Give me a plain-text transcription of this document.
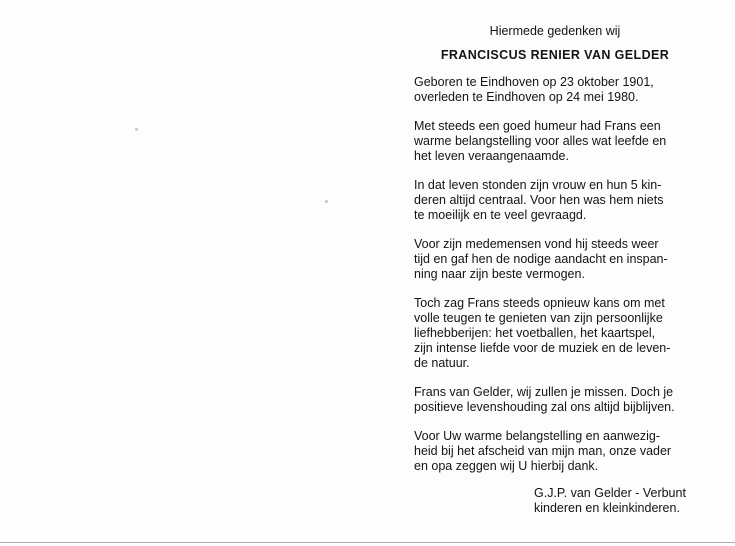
Hiermede gedenken wij
FRANCISCUS RENIER VAN GELDER
Geboren te Eindhoven op 23 oktober 1901,
overleden te Eindhoven op 24 mei 1980.
Met steeds een goed humeur had Frans een
warme belangstelling voor alles wat leefde en
het leven veraangenaamde.
In dat leven stonden zijn vrouw en hun 5 kin-
deren altijd centraal. Voor hen was hem niets
te moeilijk en te veel gevraagd.
Voor zijn medemensen vond hij steeds weer
tijd en gaf hen de nodige aandacht en inspan-
ning naar zijn beste vermogen.
Toch zag Frans steeds opnieuw kans om met
volle teugen te genieten van zijn persoonlijke
liefhebberijen: het voetballen, het kaartspel,
zijn intense liefde voor de muziek en de leven-
de natuur.
Frans van Gelder, wij zullen je missen. Doch je
positieve levenshouding zal ons altijd bijblijven.
Voor Uw warme belangstelling en aanwezig-
heid bij het afscheid van mijn man, onze vader
en opa zeggen wij U hierbij dank.
G.J.P. van Gelder - Verbunt
kinderen en kleinkinderen.
